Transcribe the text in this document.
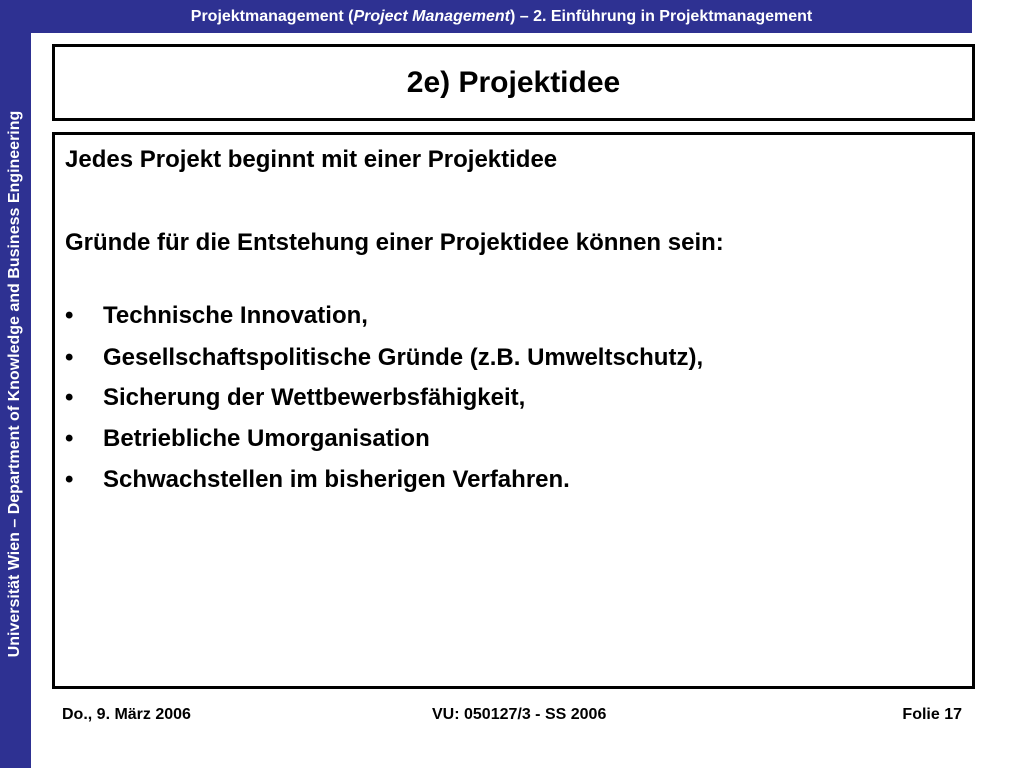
Universität Wien – Department of Knowledge and Business Engineering
Projektmanagement ( Project Management ) – 2. Einführung in Projektmanagement
2e) Projektidee
Jedes Projekt beginnt mit einer Projektidee
Gründe für die Entstehung einer Projektidee können sein:
• Technische Innovation,
• Gesellschaftspolitische Gründe (z.B. Umweltschutz),
• Sicherung der Wettbewerbsfähigkeit,
• Betriebliche Umorganisation
• Schwachstellen im bisherigen Verfahren.
Do., 9. März 2006	VU: 050127/3 - SS 2006	Folie 17
